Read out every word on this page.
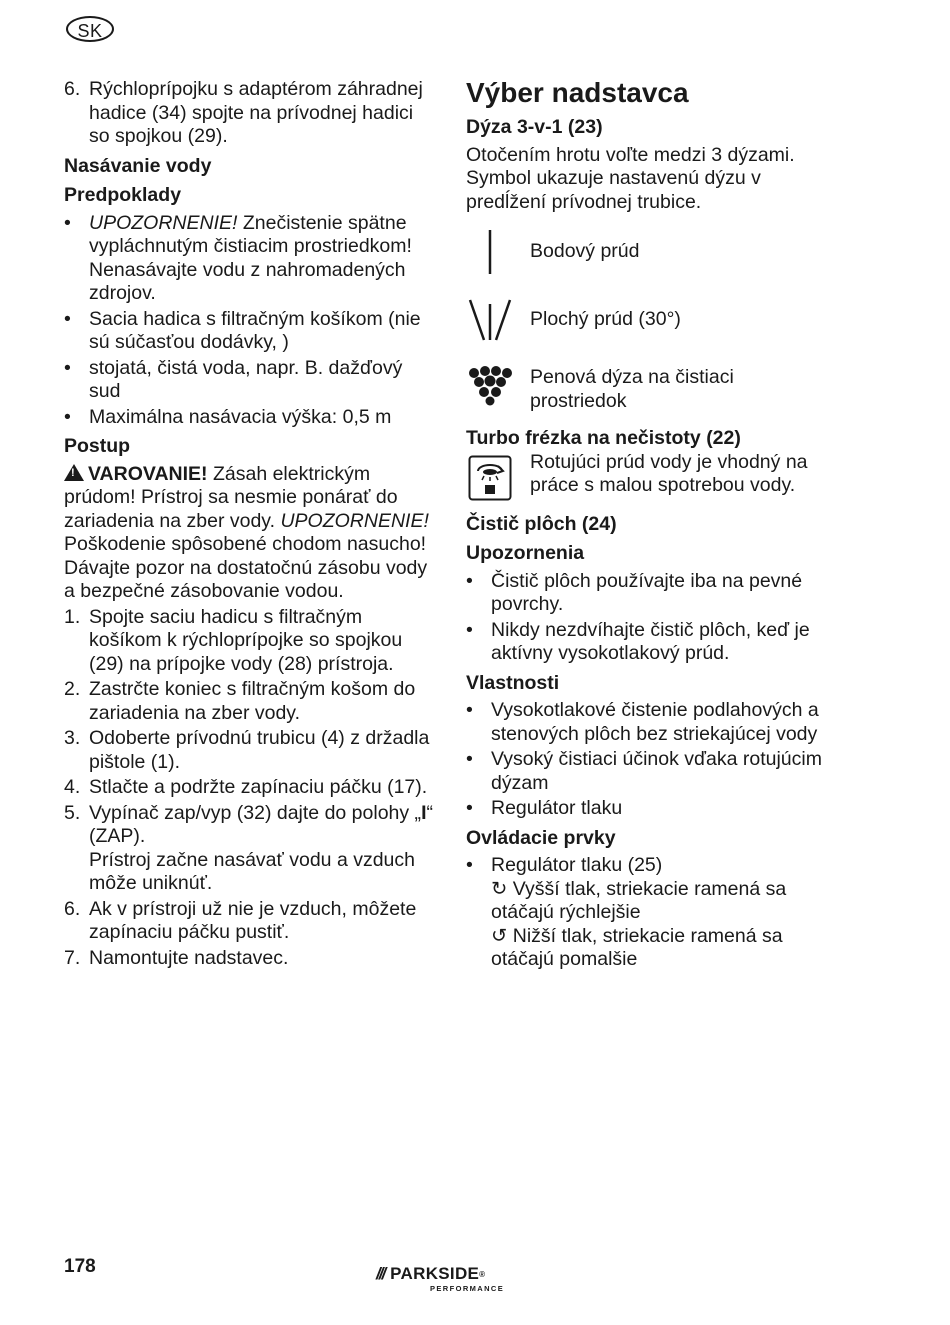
SK
6. Rýchloprípojku s adaptérom záhradnej hadice (34) spojte na prívodnej hadici so spojkou (29).
Nasávanie vody
Predpoklady
• UPOZORNENIE! Znečistenie spätne vypláchnutým čistiacim prostriedkom! Nenasávajte vodu z nahromadených zdrojov.
• Sacia hadica s filtračným košíkom (nie sú súčasťou dodávky, )
• stojatá, čistá voda, napr. B. dažďový sud
• Maximálna nasávacia výška: 0,5 m
Postup
!VAROVANIE! Zásah elektrickým prúdom! Prístroj sa nesmie ponárať do zariadenia na zber vody. UPOZORNENIE! Poškodenie spôsobené chodom nasucho! Dávajte pozor na dostatočnú zásobu vody a bezpečné zásobovanie vodou.
1. Spojte saciu hadicu s filtračným košíkom k rýchloprípojke so spojkou (29) na prípojke vody (28) prístroja.
2. Zastrčte koniec s filtračným košom do zariadenia na zber vody.
3. Odoberte prívodnú trubicu (4) z držadla pištole (1).
4. Stlačte a podržte zapínaciu páčku (17).
5. Vypínač zap/vyp (32) dajte do polohy „I“ (ZAP).
Prístroj začne nasávať vodu a vzduch môže uniknúť.
6. Ak v prístroji už nie je vzduch, môžete zapínaciu páčku pustiť.
7. Namontujte nadstavec.
Výber nadstavca
Dýza 3-v-1 (23)
Otočením hrotu voľte medzi 3 dýzami. Symbol ukazuje nastavenú dýzu v predĺžení prívodnej trubice.
Bodový prúd
Plochý prúd (30°)
Penová dýza na čistiaci prostriedok
Turbo frézka na nečistoty (22)
Rotujúci prúd vody je vhodný na práce s malou spotrebou vody.
Čistič plôch (24)
Upozornenia
• Čistič plôch používajte iba na pevné povrchy.
• Nikdy nezdvíhajte čistič plôch, keď je aktívny vysokotlakový prúd.
Vlastnosti
• Vysokotlakové čistenie podlahových a stenových plôch bez striekajúcej vody
• Vysoký čistiaci účinok vďaka rotujúcim dýzam
• Regulátor tlaku
Ovládacie prvky
• Regulátor tlaku (25)
↻ Vyšší tlak, striekacie ramená sa otáčajú rýchlejšie
↺ Nižší tlak, striekacie ramená sa otáčajú pomalšie
178	/// PARKSIDE ®
PERFORMANCE
